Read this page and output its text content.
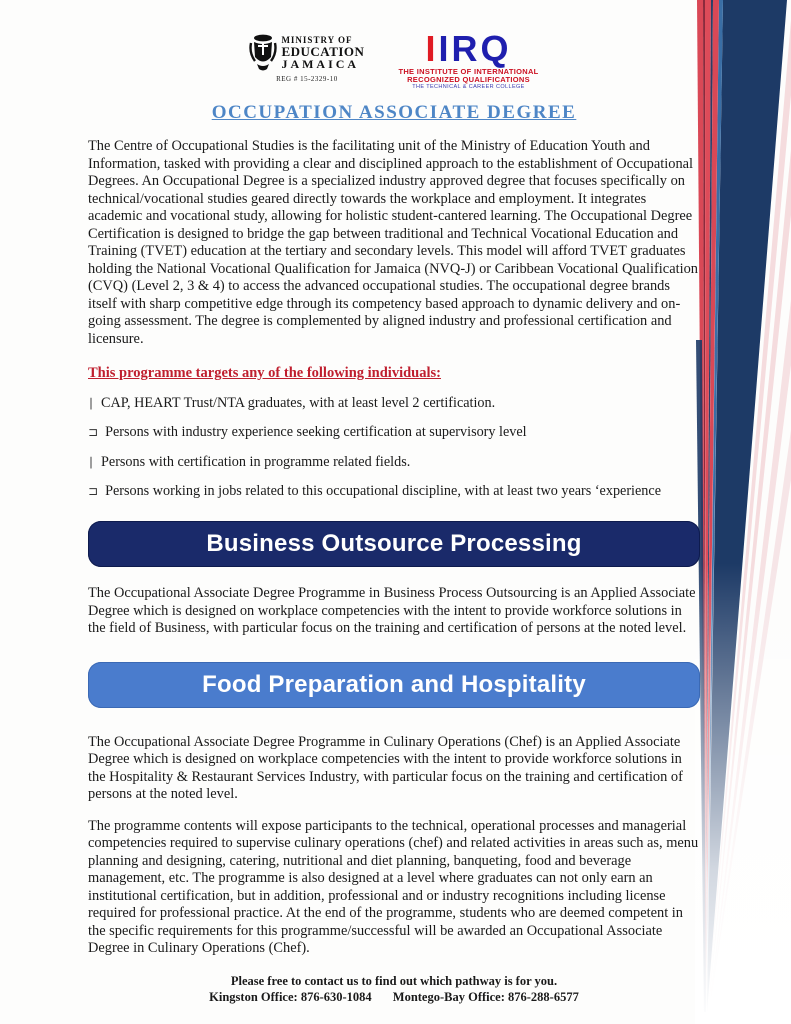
MINISTRY OF
EDUCATION
JAMAICA
REG # 15-2329-10
IIRQ
THE INSTITUTE OF INTERNATIONAL
RECOGNIZED QUALIFICATIONS
THE TECHNICAL & CAREER COLLEGE
OCCUPATION ASSOCIATE DEGREE
The Centre of Occupational Studies is the facilitating unit of the Ministry of Education Youth and Information, tasked with providing a clear and disciplined approach to the establishment of Occupational Degrees. An Occupational Degree is a specialized industry approved degree that focuses specifically on technical/vocational studies geared directly towards the workplace and employment. It integrates academic and vocational study, allowing for holistic student-cantered learning. The Occupational Degree Certification is designed to bridge the gap between traditional and Technical Vocational Education and Training (TVET) education at the tertiary and secondary levels. This model will afford TVET graduates holding the National Vocational Qualification for Jamaica (NVQ-J) or Caribbean Vocational Qualification (CVQ) (Level 2, 3 & 4) to access the advanced occupational studies. The occupational degree brands itself with sharp competitive edge through its competency based approach to dynamic delivery and on-going assessment. The degree is complemented by aligned industry and professional certification and licensure.
This programme targets any of the following individuals:
∣ CAP, HEART Trust/NTA graduates, with at least level 2 certification.
⊐ Persons with industry experience seeking certification at supervisory level
∣ Persons with certification in programme related fields.
⊐ Persons working in jobs related to this occupational discipline, with at least two years ‘experience
Business Outsource Processing
The Occupational Associate Degree Programme in Business Process Outsourcing is an Applied Associate Degree which is designed on workplace competencies with the intent to provide workforce solutions in the field of Business, with particular focus on the training and certification of persons at the noted level.
Food Preparation and Hospitality
The Occupational Associate Degree Programme in Culinary Operations (Chef) is an Applied Associate Degree which is designed on workplace competencies with the intent to provide workforce solutions in the Hospitality & Restaurant Services Industry, with particular focus on the training and certification of persons at the noted level.
The programme contents will expose participants to the technical, operational processes and managerial competencies required to supervise culinary operations (chef) and related activities in areas such as, menu planning and designing, catering, nutritional and diet planning, banqueting, food and beverage management, etc. The programme is also designed at a level where graduates can not only earn an institutional certification, but in addition, professional and or industry recognitions including license required for professional practice. At the end of the programme, students who are deemed competent in the specific requirements for this programme/successful will be awarded an Occupational Associate Degree in Culinary Operations (Chef).
Please free to contact us to find out which pathway is for you.
Kingston Office: 876-630-1084 Montego-Bay Office: 876-288-6577
